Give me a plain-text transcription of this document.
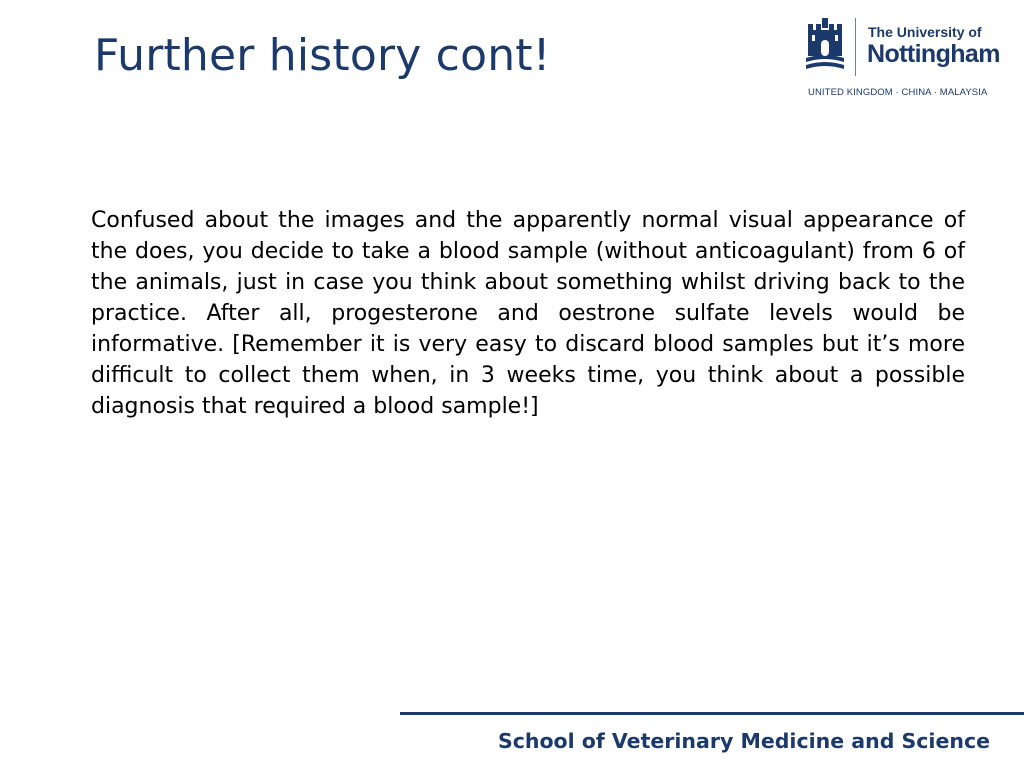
Further history cont!	The University of
Nottingham
UNITED KINGDOM · CHINA · MALAYSIA
Confused about the images and the apparently normal visual appearance of the does, you decide to take a blood sample (without anticoagulant) from 6 of the animals, just in case you think about something whilst driving back to the practice. After all, progesterone and oestrone sulfate levels would be informative. [Remember it is very easy to discard blood samples but it’s more difficult to collect them when, in 3 weeks time, you think about a possible diagnosis that required a blood sample!]
School of Veterinary Medicine and Science
